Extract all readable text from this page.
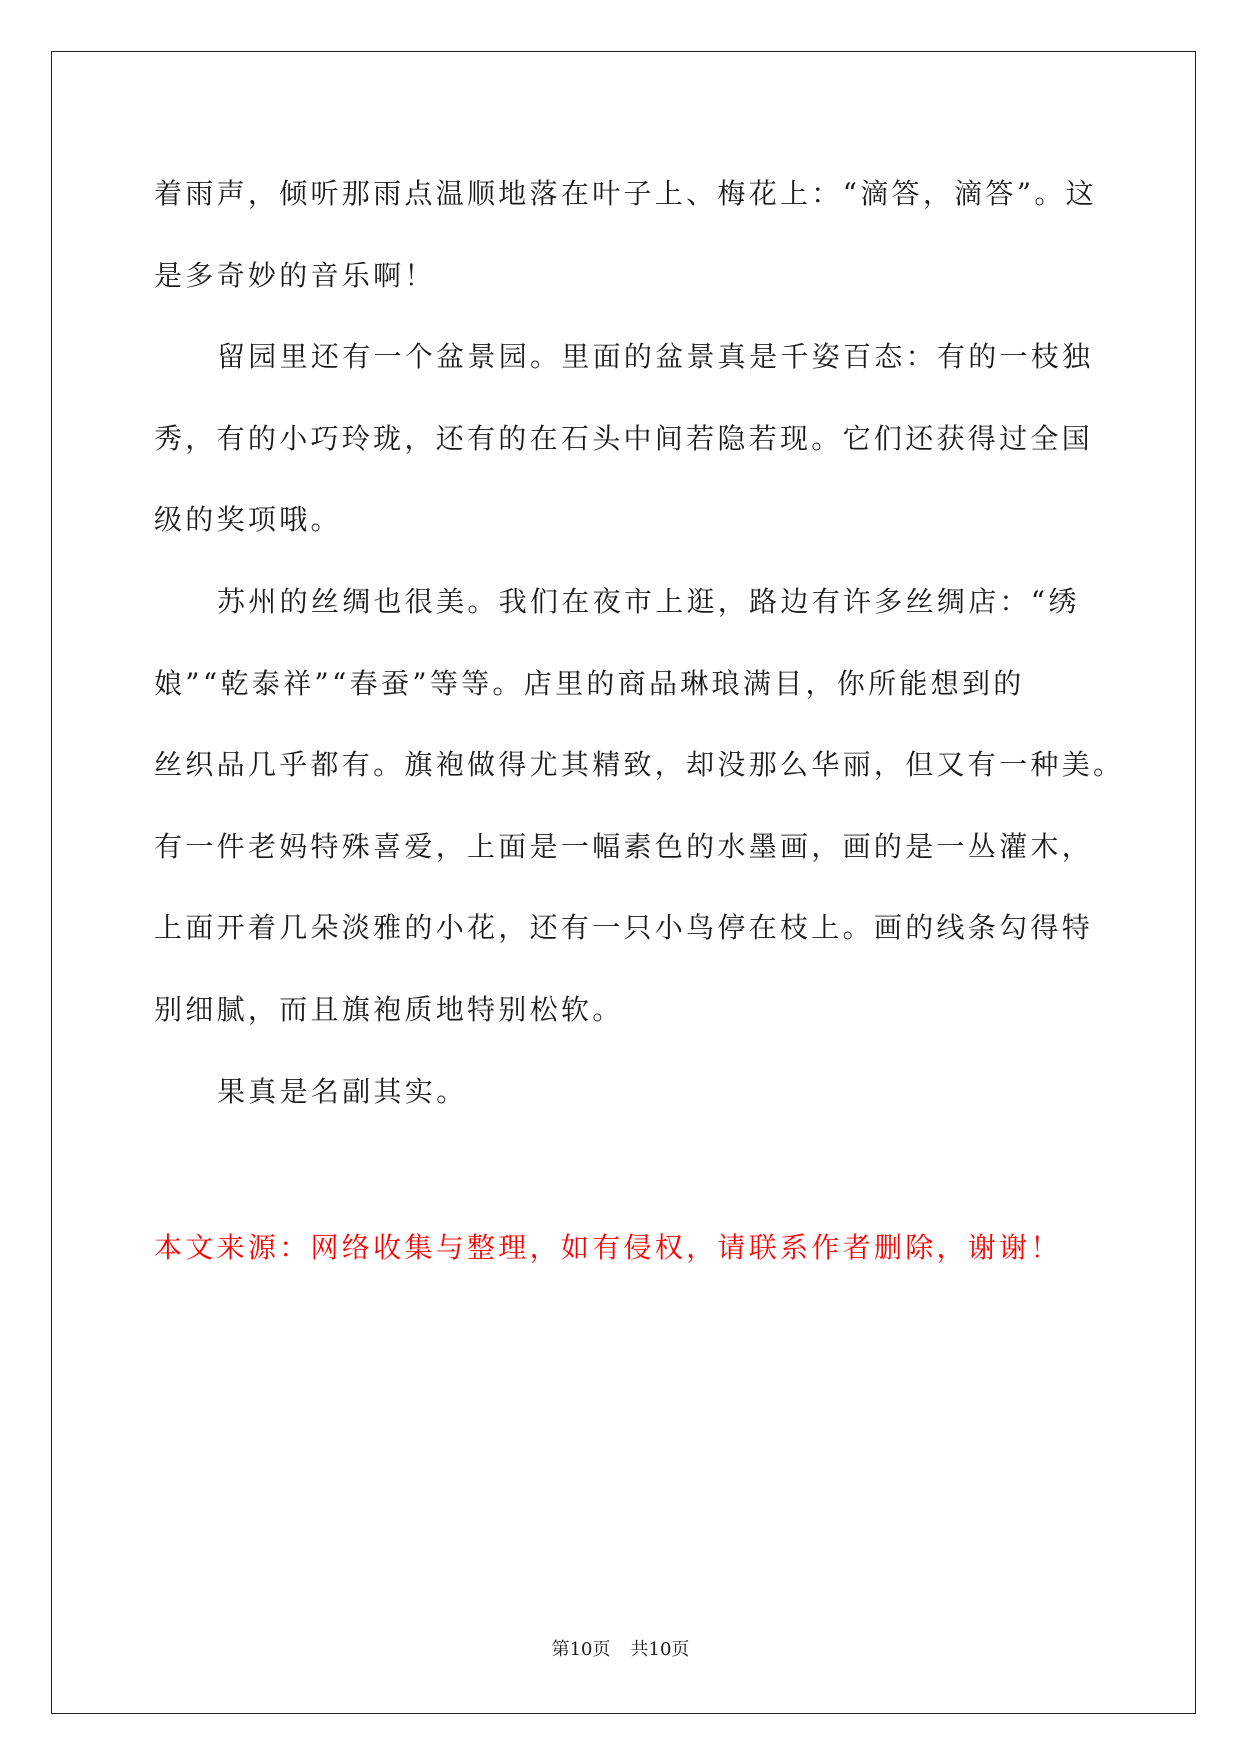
着雨声，倾听那雨点温顺地落在叶子上、梅花上：“滴答，滴答”。这
是多奇妙的音乐啊！
留园里还有一个盆景园。里面的盆景真是千姿百态：有的一枝独
秀，有的小巧玲珑，还有的在石头中间若隐若现。它们还获得过全国
级的奖项哦。
苏州的丝绸也很美。我们在夜市上逛，路边有许多丝绸店：“绣
娘”“乾泰祥”“春蚕”等等。店里的商品琳琅满目，你所能想到的
丝织品几乎都有。旗袍做得尤其精致，却没那么华丽，但又有一种美。
有一件老妈特殊喜爱，上面是一幅素色的水墨画，画的是一丛灌木，
上面开着几朵淡雅的小花，还有一只小鸟停在枝上。画的线条勾得特
别细腻，而且旗袍质地特别松软。
果真是名副其实。
本文来源：网络收集与整理，如有侵权，请联系作者删除，谢谢！
第10页 共10页
